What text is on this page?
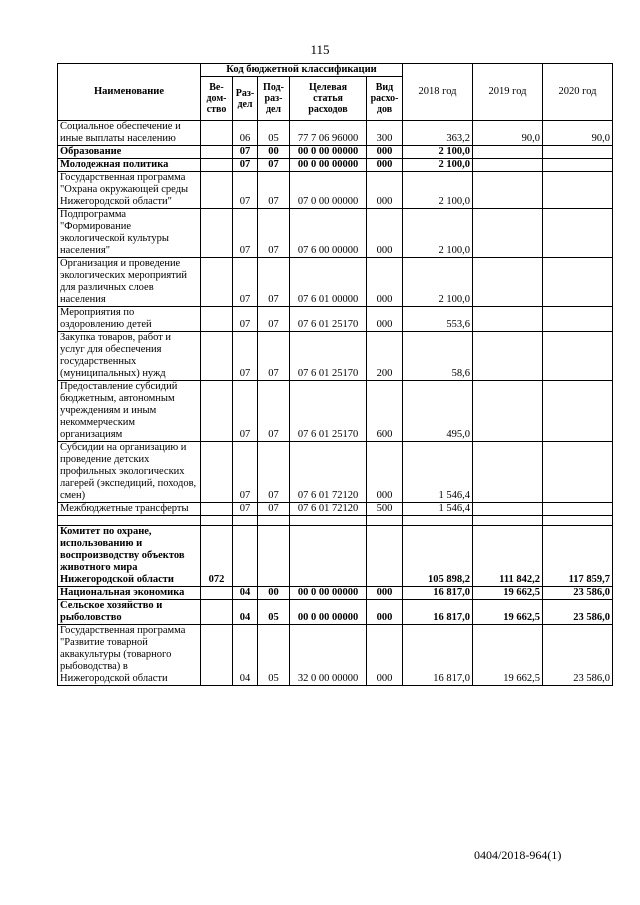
115
Наименование	Код бюджетной классификации					2018 год	2019 год	2020 год
	Ве-
дом-
ство	Раз-
дел	Под-
раз-
дел	Целевая
статья
расходов	Вид
расхо-
дов			
Социальное обеспечение и иные выплаты населению		06	05	77 7 06 96000	300	363,2	90,0	90,0
Образование		07	00	00 0 00 00000	000	2 100,0		
Молодежная политика		07	07	00 0 00 00000	000	2 100,0		
Государственная программа "Охрана окружающей среды Нижегородской области"		07	07	07 0 00 00000	000	2 100,0		
Подпрограмма "Формирование экологической культуры населения"		07	07	07 6 00 00000	000	2 100,0		
Организация и проведение экологических мероприятий для различных слоев населения		07	07	07 6 01 00000	000	2 100,0		
Мероприятия по оздоровлению детей		07	07	07 6 01 25170	000	553,6		
Закупка товаров, работ и услуг для обеспечения государственных (муниципальных) нужд		07	07	07 6 01 25170	200	58,6		
Предоставление субсидий бюджетным, автономным учреждениям и иным некоммерческим организациям		07	07	07 6 01 25170	600	495,0		
Субсидии на организацию и проведение детских профильных экологических лагерей (экспедиций, походов, смен)		07	07	07 6 01 72120	000	1 546,4		
Межбюджетные трансферты		07	07	07 6 01 72120	500	1 546,4		

Комитет по охране, использованию и воспроизводству объектов животного мира Нижегородской области	072					105 898,2	111 842,2	117 859,7
Национальная экономика		04	00	00 0 00 00000	000	16 817,0	19 662,5	23 586,0
Сельское хозяйство и рыболовство		04	05	00 0 00 00000	000	16 817,0	19 662,5	23 586,0
Государственная программа "Развитие товарной аквакультуры (товарного рыбоводства) в Нижегородской области		04	05	32 0 00 00000	000	16 817,0	19 662,5	23 586,0
0404/2018-964(1)
